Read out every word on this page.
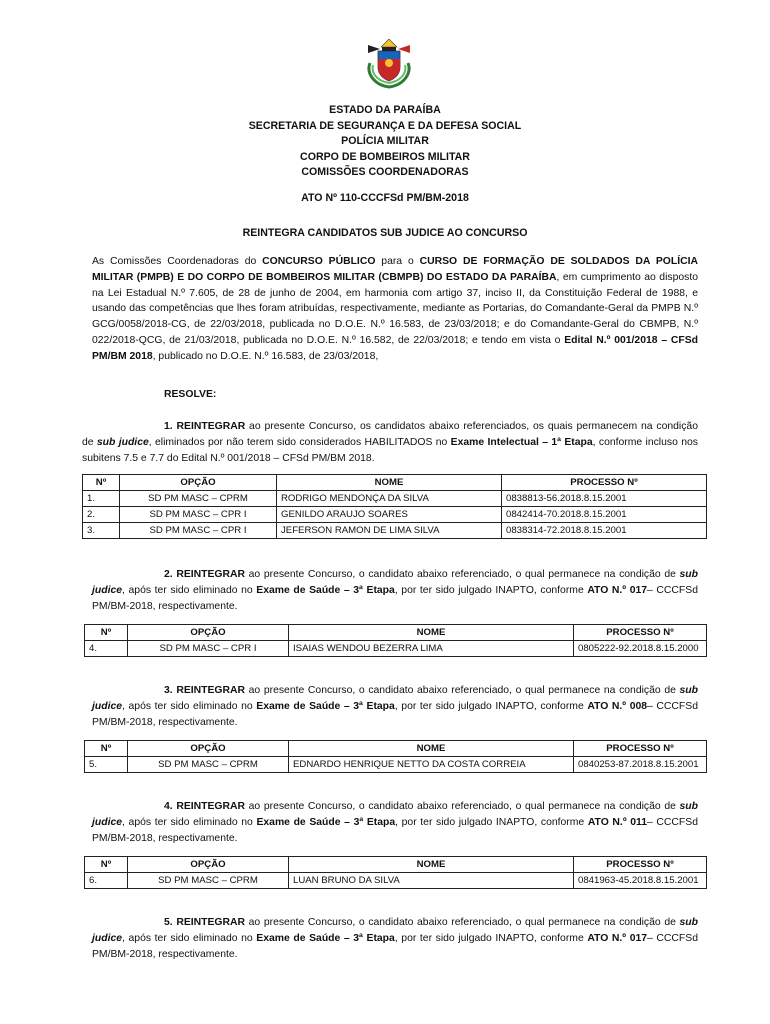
ESTADO DA PARAÍBA
SECRETARIA DE SEGURANÇA E DA DEFESA SOCIAL
POLÍCIA MILITAR
CORPO DE BOMBEIROS MILITAR
COMISSÕES COORDENADORAS
ATO Nº 110-CCCFSd PM/BM-2018
REINTEGRA CANDIDATOS SUB JUDICE AO CONCURSO
As Comissões Coordenadoras do CONCURSO PÚBLICO para o CURSO DE FORMAÇÃO DE SOLDADOS DA POLÍCIA MILITAR (PMPB) E DO CORPO DE BOMBEIROS MILITAR (CBMPB) DO ESTADO DA PARAÍBA, em cumprimento ao disposto na Lei Estadual N.º 7.605, de 28 de junho de 2004, em harmonia com artigo 37, inciso II, da Constituição Federal de 1988, e usando das competências que lhes foram atribuídas, respectivamente, mediante as Portarias, do Comandante-Geral da PMPB N.º GCG/0058/2018-CG, de 22/03/2018, publicada no D.O.E. N.º 16.583, de 23/03/2018; e do Comandante-Geral do CBMPB, N.º 022/2018-QCG, de 21/03/2018, publicada no D.O.E. N.º 16.582, de 22/03/2018; e tendo em vista o Edital N.º 001/2018 – CFSd PM/BM 2018, publicado no D.O.E. N.º 16.583, de 23/03/2018,
RESOLVE:
1. REINTEGRAR ao presente Concurso, os candidatos abaixo referenciados, os quais permanecem na condição de sub judice, eliminados por não terem sido considerados HABILITADOS no Exame Intelectual – 1ª Etapa, conforme incluso nos subitens 7.5 e 7.7 do Edital N.º 001/2018 – CFSd PM/BM 2018.
Nº	OPÇÃO	NOME	PROCESSO Nº
1.	SD PM MASC – CPRM	RODRIGO MENDONÇA DA SILVA	0838813-56.2018.8.15.2001
2.	SD PM MASC – CPR I	GENILDO ARAUJO SOARES	0842414-70.2018.8.15.2001
3.	SD PM MASC – CPR I	JEFERSON RAMON DE LIMA SILVA	0838314-72.2018.8.15.2001
2. REINTEGRAR ao presente Concurso, o candidato abaixo referenciado, o qual permanece na condição de sub judice, após ter sido eliminado no Exame de Saúde – 3ª Etapa, por ter sido julgado INAPTO, conforme ATO N.º 017– CCCFSd PM/BM-2018, respectivamente.
Nº	OPÇÃO	NOME	PROCESSO Nº
4.	SD PM MASC – CPR I	ISAIAS WENDOU BEZERRA LIMA	0805222-92.2018.8.15.2000
3. REINTEGRAR ao presente Concurso, o candidato abaixo referenciado, o qual permanece na condição de sub judice, após ter sido eliminado no Exame de Saúde – 3ª Etapa, por ter sido julgado INAPTO, conforme ATO N.º 008– CCCFSd PM/BM-2018, respectivamente.
Nº	OPÇÃO	NOME	PROCESSO Nº
5.	SD PM MASC – CPRM	EDNARDO HENRIQUE NETTO DA COSTA CORREIA	0840253-87.2018.8.15.2001
4. REINTEGRAR ao presente Concurso, o candidato abaixo referenciado, o qual permanece na condição de sub judice, após ter sido eliminado no Exame de Saúde – 3ª Etapa, por ter sido julgado INAPTO, conforme ATO N.º 011– CCCFSd PM/BM-2018, respectivamente.
Nº	OPÇÃO	NOME	PROCESSO Nº
6.	SD PM MASC – CPRM	LUAN BRUNO DA SILVA	0841963-45.2018.8.15.2001
5. REINTEGRAR ao presente Concurso, o candidato abaixo referenciado, o qual permanece na condição de sub judice, após ter sido eliminado no Exame de Saúde – 3ª Etapa, por ter sido julgado INAPTO, conforme ATO N.º 017– CCCFSd PM/BM-2018, respectivamente.
